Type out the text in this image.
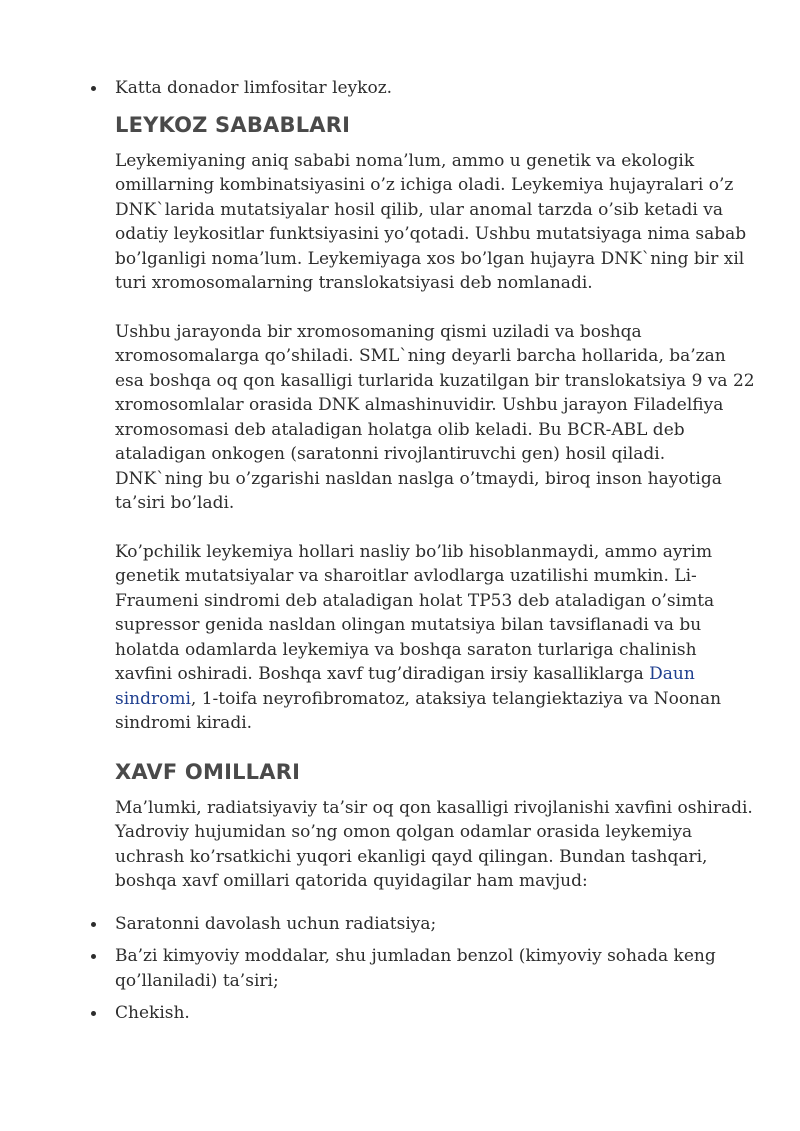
Katta donador limfositar leykoz.
LEYKOZ SABABLARI

Leykemiyaning aniq sababi noma’lum, ammo u genetik va ekologik omillarning kombinatsiyasini o’z ichiga oladi. Leykemiya hujayralari o’z DNK`larida mutatsiyalar hosil qilib, ular anomal tarzda o’sib ketadi va odatiy leykositlar funktsiyasini yo’qotadi. Ushbu mutatsiyaga nima sabab bo’lganligi noma’lum. Leykemiyaga xos bo’lgan hujayra DNK`ning bir xil turi xromosomalarning translokatsiyasi deb nomlanadi.

Ushbu jarayonda bir xromosomaning qismi uziladi va boshqa xromosomalarga qo’shiladi. SML`ning deyarli barcha hollarida, ba’zan esa boshqa oq qon kasalligi turlarida kuzatilgan bir translokatsiya 9 va 22 xromosomlalar orasida DNK almashinuvidir. Ushbu jarayon Filadelfiya xromosomasi deb ataladigan holatga olib keladi. Bu BCR-ABL deb ataladigan onkogen (saratonni rivojlantiruvchi gen) hosil qiladi. DNK`ning bu o’zgarishi nasldan naslga o’tmaydi, biroq inson hayotiga ta’siri bo’ladi.

Ko’pchilik leykemiya hollari nasliy bo’lib hisoblanmaydi, ammo ayrim genetik mutatsiyalar va sharoitlar avlodlarga uzatilishi mumkin. Li-Fraumeni sindromi deb ataladigan holat TP53 deb ataladigan o’simta supressor genida nasldan olingan mutatsiya bilan tavsiflanadi va bu holatda odamlarda leykemiya va boshqa saraton turlariga chalinish xavfini oshiradi. Boshqa xavf tug’diradigan irsiy kasalliklarga Daun sindromi, 1-toifa neyrofibromatoz, ataksiya telangiektaziya va Noonan sindromi kiradi.

XAVF OMILLARI

Ma’lumki, radiatsiyaviy ta’sir oq qon kasalligi rivojlanishi xavfini oshiradi. Yadroviy hujumidan so’ng omon qolgan odamlar orasida leykemiya uchrash ko’rsatkichi yuqori ekanligi qayd qilingan. Bundan tashqari, boshqa xavf omillari qatorida quyidagilar ham mavjud:

Saratonni davolash uchun radiatsiya;
Ba’zi kimyoviy moddalar, shu jumladan benzol (kimyoviy sohada keng qo’llaniladi) ta’siri;
Chekish.
